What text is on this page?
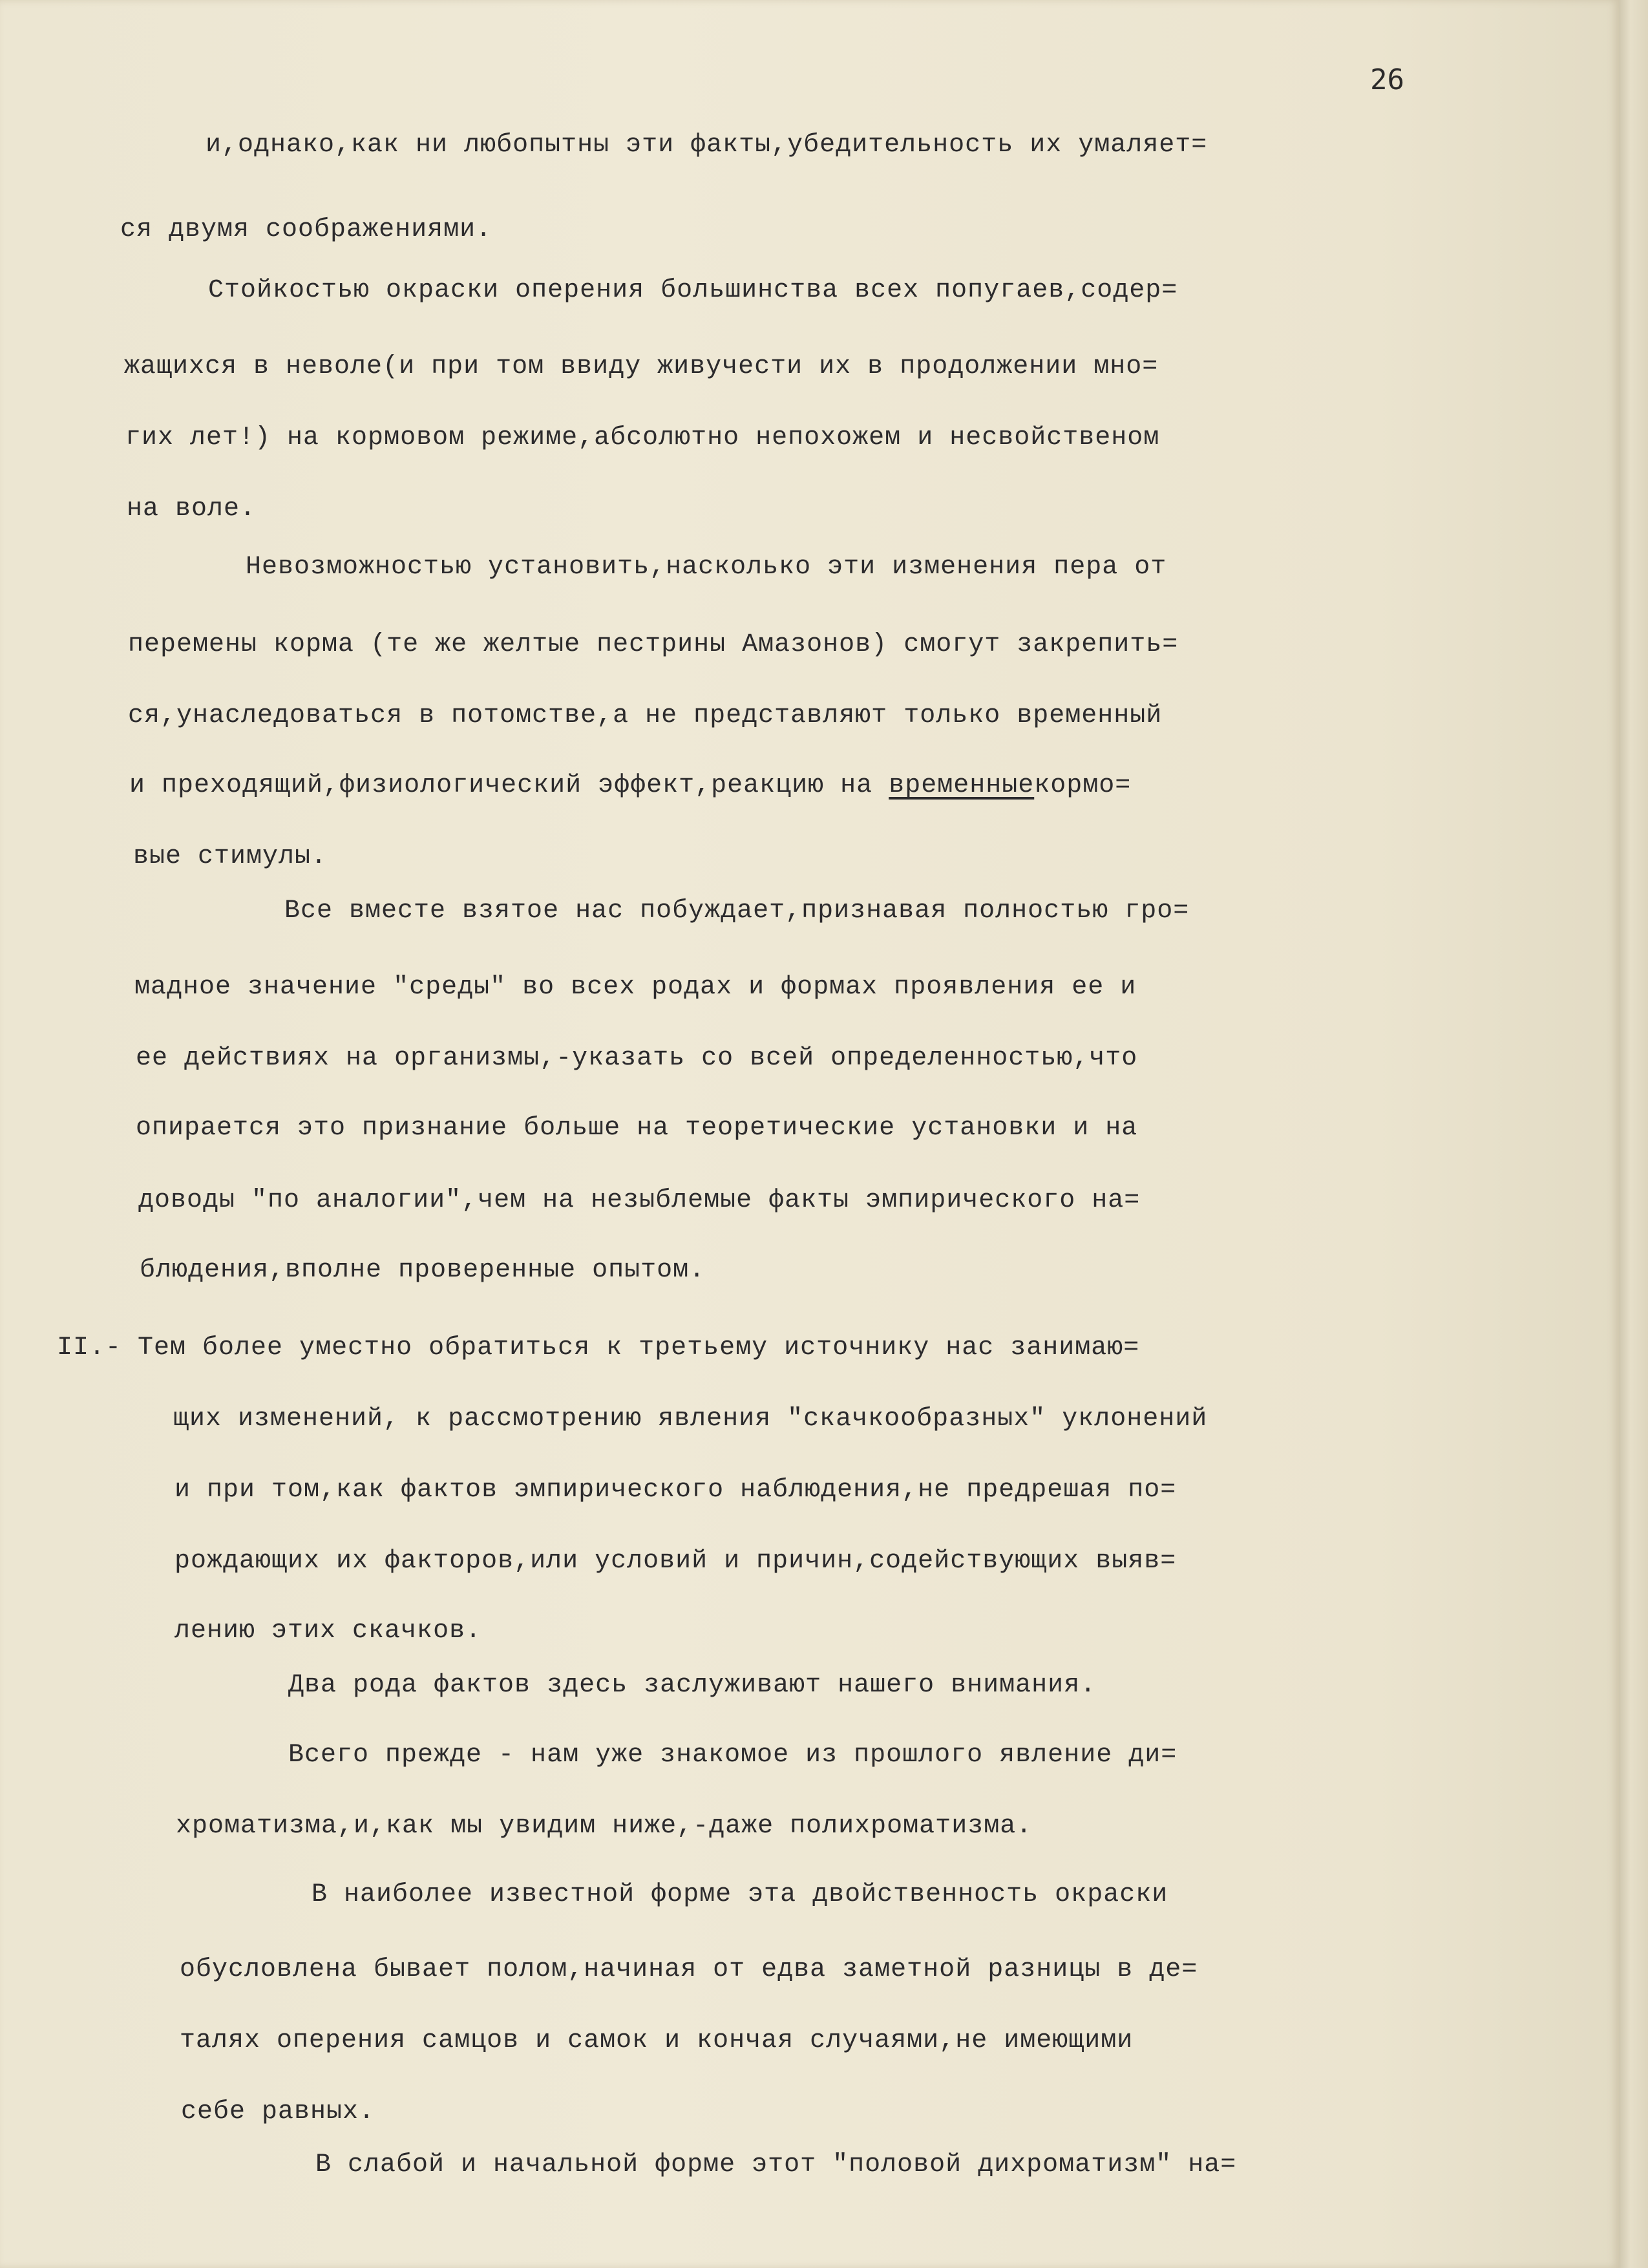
26

и,однако,как ни любопытны эти факты,убедительность их умаляет=

ся двумя соображениями.

Стойкостью окраски оперения большинства всех попугаев,содер=

жащихся в неволе(и при том ввиду живучести их в продолжении мно=

гих лет!) на кормовом режиме,абсолютно непохожем и несвойственом

на воле.

Невозможностью установить,насколько эти изменения пера от

перемены корма (те же желтые пестрины Амазонов) смогут закрепить=

ся,унаследоваться в потомстве,а не представляют только временный

и преходящий,физиологический эффект,реакцию на временныекормо=

вые стимулы.

Все вместе взятое нас побуждает,признавая полностью гро=

мадное значение "среды" во всех родах и формах проявления ее и

ее действиях на организмы,-указать со всей определенностью,что

опирается это признание больше на теоретические установки и на

доводы "по аналогии",чем на незыблемые факты эмпирического на=

блюдения,вполне проверенные опытом.

II.- Тем более уместно обратиться к третьему источнику нас занимаю=

щих изменений, к рассмотрению явления "скачкообразных" уклонений

и при том,как фактов эмпирического наблюдения,не предрешая по=

рождающих их факторов,или условий и причин,содействующих выяв=

лению этих скачков.

Два рода фактов здесь заслуживают нашего внимания.

Всего прежде - нам уже знакомое из прошлого явление ди=

хроматизма,и,как мы увидим ниже,-даже полихроматизма.

В наиболее известной форме эта двойственность окраски

обусловлена бывает полом,начиная от едва заметной разницы в де=

талях оперения самцов и самок и кончая случаями,не имеющими

себе равных.

В слабой и начальной форме этот "половой дихроматизм" на=
